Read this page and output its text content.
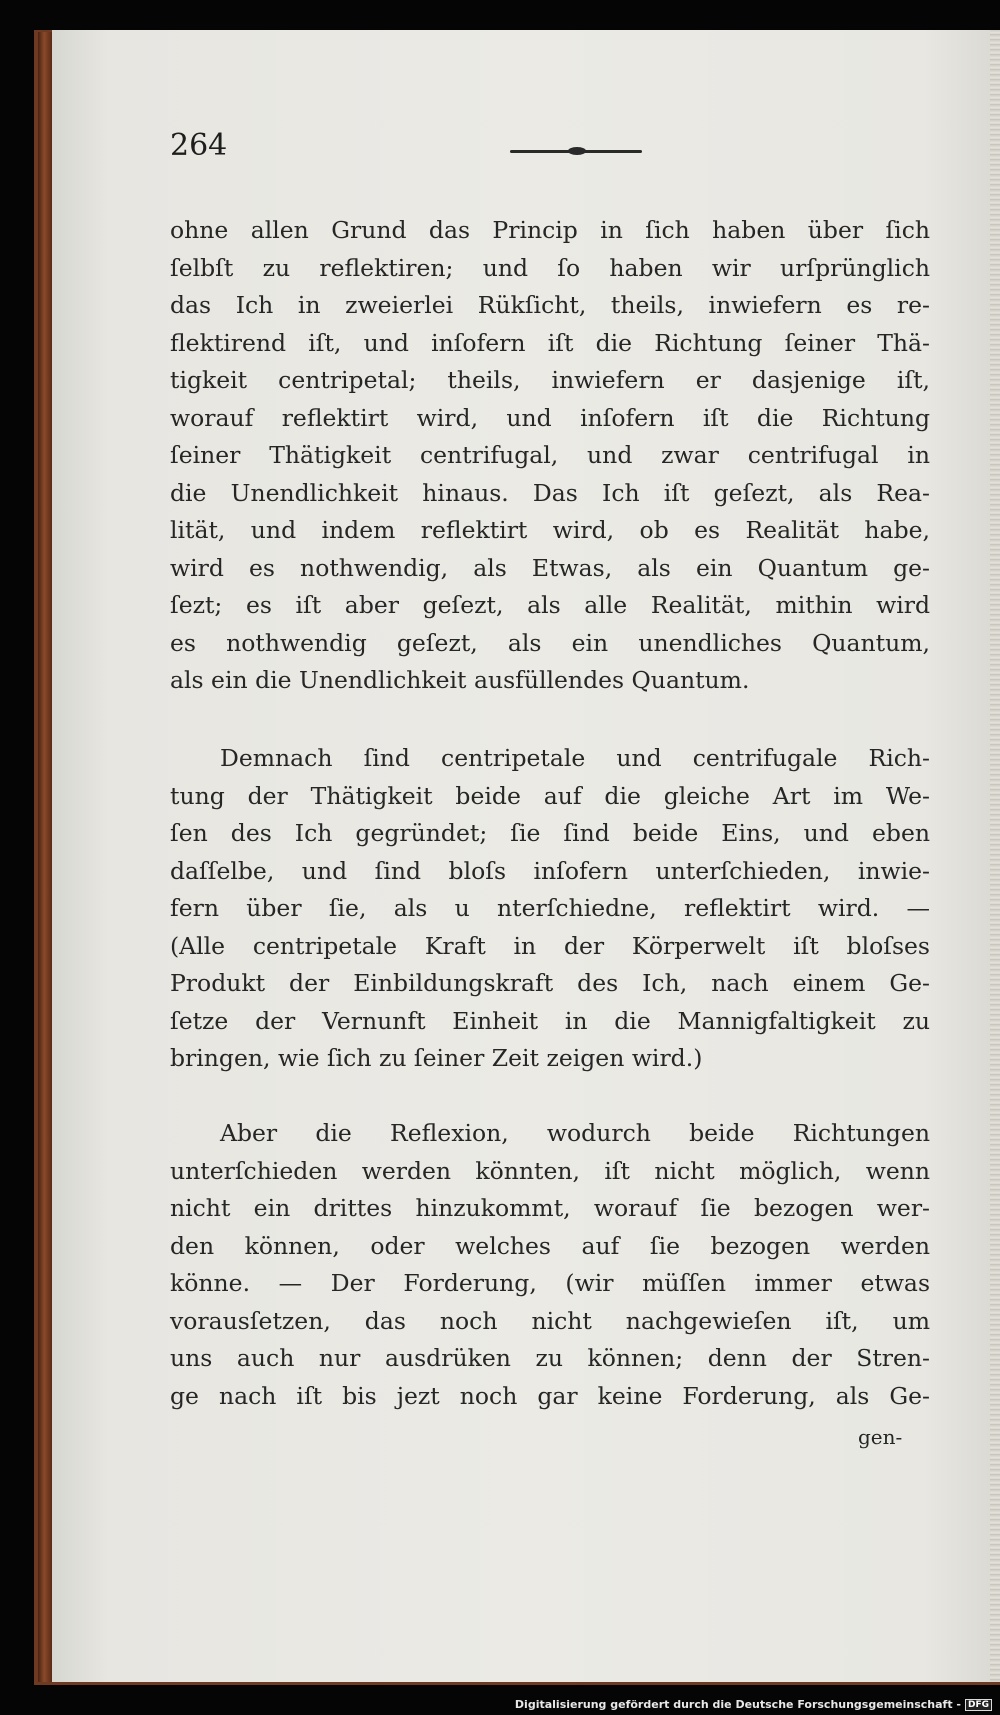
264
ohne allen Grund das Princip in ſich haben über ſich
ſelbſt zu reflektiren; und ſo haben wir urſprünglich
das Ich in zweierlei Rükſicht, theils, inwiefern es re-
flektirend iſt, und inſofern iſt die Richtung ſeiner Thä-
tigkeit centripetal; theils, inwiefern er dasjenige iſt,
worauf reflektirt wird, und inſofern iſt die Richtung
ſeiner Thätigkeit centrifugal, und zwar centrifugal in
die Unendlichkeit hinaus. Das Ich iſt geſezt, als Rea-
lität, und indem reflektirt wird, ob es Realität habe,
wird es nothwendig, als Etwas, als ein Quantum ge-
ſezt; es iſt aber geſezt, als alle Realität, mithin wird
es nothwendig geſezt, als ein unendliches Quantum,
als ein die Unendlichkeit ausfüllendes Quantum.
Demnach ſind centripetale und centrifugale Rich-
tung der Thätigkeit beide auf die gleiche Art im We-
ſen des Ich gegründet; ſie ſind beide Eins, und eben
daſſelbe, und ſind bloſs inſofern unterſchieden, inwie-
fern über ſie, als u nterſchiedne, reflektirt wird. —
(Alle centripetale Kraft in der Körperwelt iſt bloſses
Produkt der Einbildungskraft des Ich, nach einem Ge-
ſetze der Vernunft Einheit in die Mannigfaltigkeit zu
bringen, wie ſich zu ſeiner Zeit zeigen wird.)
Aber die Reflexion, wodurch beide Richtungen
unterſchieden werden könnten, iſt nicht möglich, wenn
nicht ein drittes hinzukommt, worauf ſie bezogen wer-
den können, oder welches auf ſie bezogen werden
könne. — Der Forderung, (wir müſſen immer etwas
vorausſetzen, das noch nicht nachgewieſen iſt, um
uns auch nur ausdrüken zu können; denn der Stren-
ge nach iſt bis jezt noch gar keine Forderung, als Ge-
gen-
Digitalisierung gefördert durch die Deutsche Forschungsgemeinschaft - DFG
